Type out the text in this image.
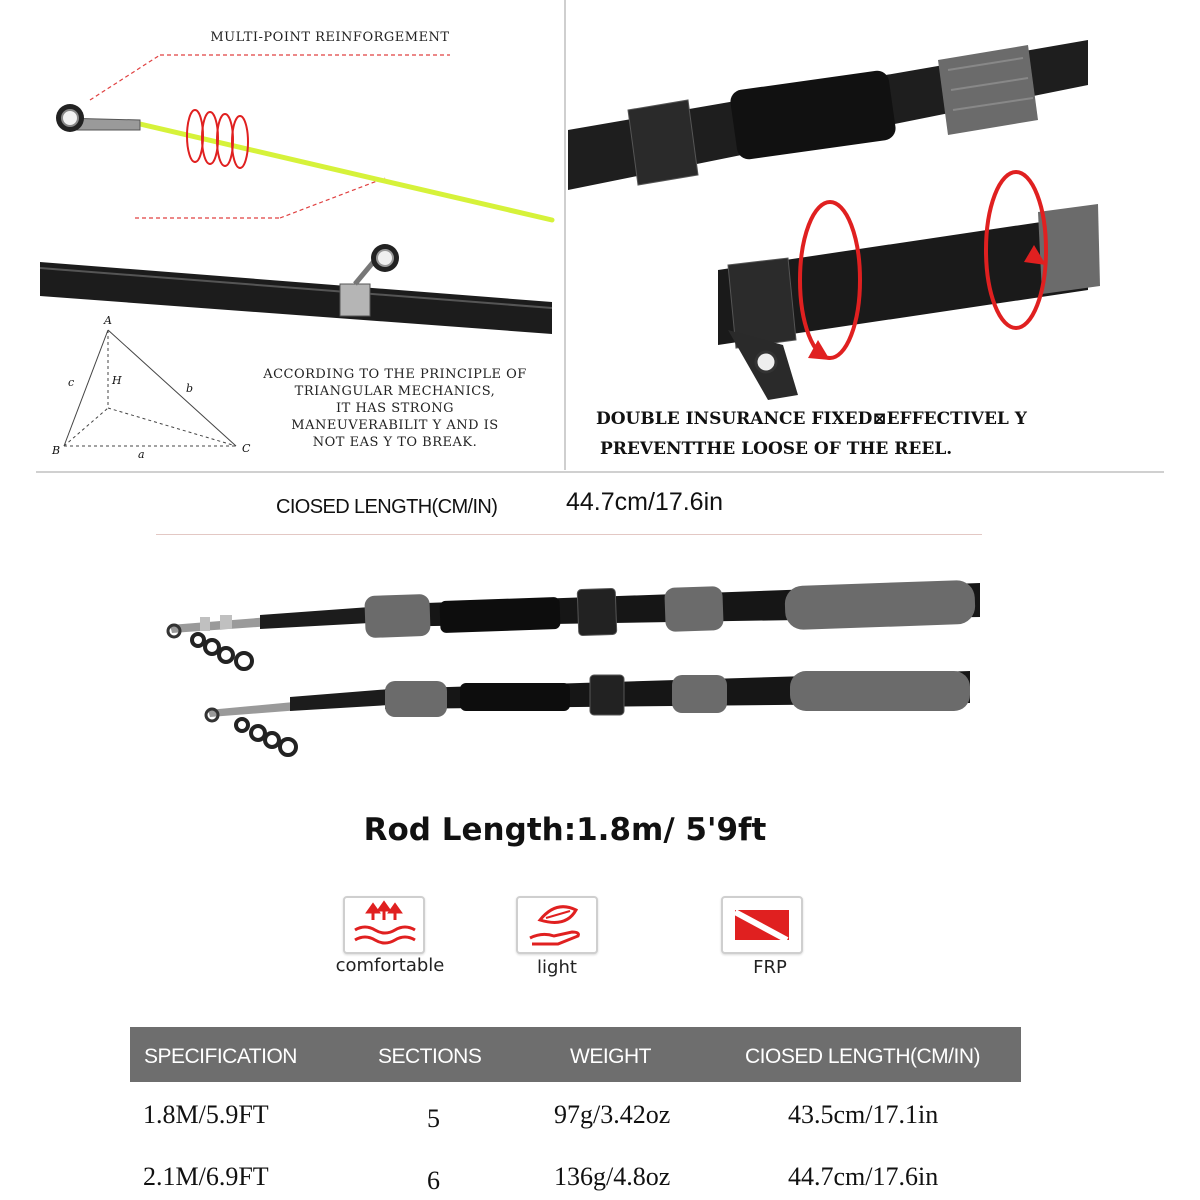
MULTI-POINT REINFORGEMENT
A
B	C
a
b
c	H	ACCORDING TO THE PRINCIPLE OF
TRIANGULAR MECHANICS,
IT HAS STRONG
MANEUVERABILIT Y AND IS
NOT EAS Y TO BREAK.
DOUBLE INSURANCE FIXED⊠EFFECTIVEL Y
PREVENTTHE LOOSE OF THE REEL.
CIOSED LENGTH(CM/IN)	44.7cm/17.6in
Rod Length:1.8m/ 5'9ft
comfortable	light	FRP
SPECIFICATION	SECTIONS	WEIGHT	CIOSED LENGTH(CM/IN)
1.8M/5.9FT	5	97g/3.42oz	43.5cm/17.1in
2.1M/6.9FT	6	136g/4.8oz	44.7cm/17.6in
